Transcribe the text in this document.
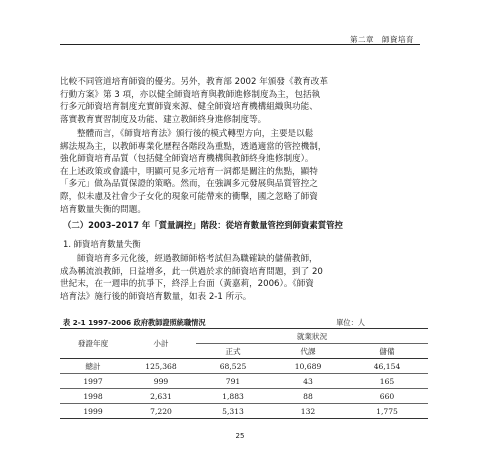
第二章　師資培育

比較不同管道培育師資的優劣。另外，教育部 2002 年頒發《教育改革

行動方案》第 3 項，亦以健全師資培育與教師進修制度為主，包括執

行多元師資培育制度充實師資來源、健全師資培育機構組織與功能、

落實教育實習制度及功能、建立教師終身進修制度等。

整體而言，《師資培育法》頒行後的模式轉型方向，主要是以鬆

綁法規為主，以教師專業化歷程各階段為重點，透過適當的管控機制，

強化師資培育品質（包括健全師資培育機構與教師終身進修制度）。

在上述政策或會議中，明顯可見多元培育一詞都是關注的焦點，顯特

「多元」做為品質保證的策略。然而，在強調多元發展與品質管控之

際，似未慮及社會少子女化的現象可能帶來的衝擊，國之忽略了師資

培育數量失衡的問題。

（二）2003–2017 年「質量調控」階段：從培育數量管控到師資素質管控
1. 師資培育數量失衡

師資培育多元化後，經過教師師格考試但為職確缺的儲備教師，

成為稱流浪教師，日益增多，此一供過於求的師資培育問題，到了 20

世紀末，在一週串的抗爭下，終浮上台面（黃嘉莉，2006）。《師資

培育法》施行後的師資培育數量，如表 2-1 所示。

表 2-1 1997-2006 政府教師證照統職情況	單位：人
發證年度	小計	就業狀況		
		正式	代課	儲備
總計	125,368	68,525	10,689	46,154
1997	999	791	43	165
1998	2,631	1,883	88	660
1999	7,220	5,313	132	1,775
25
